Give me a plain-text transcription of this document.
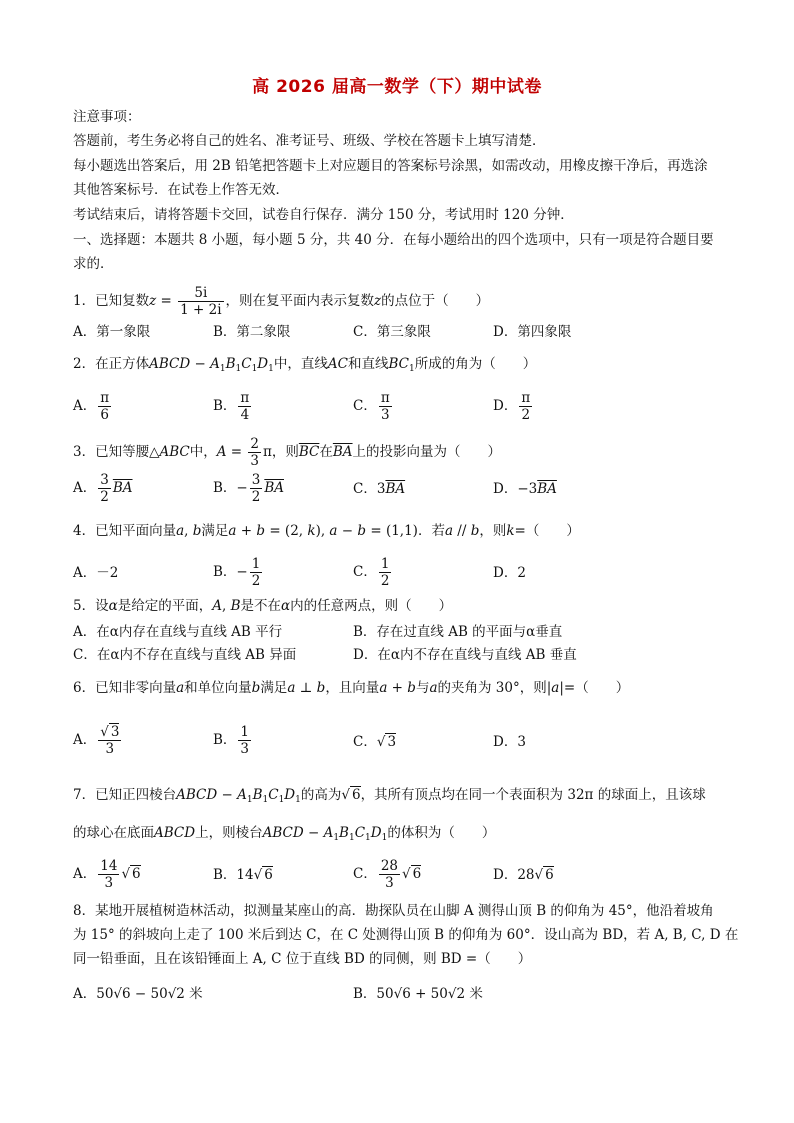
高 2026 届高一数学（下）期中试卷
注意事项：
答题前，考生务必将自己的姓名、准考证号、班级、学校在答题卡上填写清楚．
每小题选出答案后，用 2B 铅笔把答题卡上对应题目的答案标号涂黑，如需改动，用橡皮擦干净后，再选涂
其他答案标号．在试卷上作答无效．
考试结束后，请将答题卡交回，试卷自行保存．满分 150 分，考试用时 120 分钟．
一、选择题：本题共 8 小题，每小题 5 分，共 40 分．在每小题给出的四个选项中，只有一项是符合题目要
求的．
1．已知复数$z = \frac{5i}{1 + 2i}$ ，则在复平面内表示复数z的点位于（　　）
A．第一象限	B．第二象限	C．第三象限	D．第四象限
2．在正方体ABCD − $A_1B_1C_1D_1$中，直线AC和直线$BC_1$所成的角为（　　）
A． $\frac{\pi}{6}$	B． $\frac{\pi}{4}$	C． $\frac{\pi}{3}$	D． $\frac{\pi}{2}$
3．已知等腰△ABC中，$A = \frac{2}{3}$ π，则$\overline{BC}$在$\overline{BA}$上的投影向量为（　　）
A． $\frac{3}{2} \overline{BA}$	B．− $\frac{3}{2} \overline{BA}$	C．$3\overline{BA}$	D．$-3\overline{BA}$
4．已知平面向量a, b满足a + b = (2, k), a − b = (1,1)．若a // b，则k=（　　）
A．－2	B．− $\frac{1}{2}$	C． $\frac{1}{2}$	D．2
5．设α是给定的平面，A, B是不在α内的任意两点，则（　　）
A．在α内存在直线与直线 AB 平行	B．存在过直线 AB 的平面与α垂直
C．在α内不存在直线与直线 AB 异面	D．在α内不存在直线与直线 AB 垂直
6．已知非零向量a和单位向量b满足a ⊥ b，且向量a + b与a的夹角为 30°，则|a|=（　　）
A． $\frac{√ 3}{3}$	B． $\frac{1}{3}$	C．√ 3	D．3
7．已知正四棱台ABCD − $A_1B_1C_1D_1$的高为√ 6，其所有顶点均在同一个表面积为 32π 的球面上，且该球
的球心在底面ABCD上，则棱台ABCD − $A_1B_1C_1D_1$的体积为（　　）
A． $\frac{14}{3}$ √ 6	B．14√ 6	C． $\frac{28}{3}$ √ 6	D．28√ 6
8．某地开展植树造林活动，拟测量某座山的高．勘探队员在山脚 A 测得山顶 B 的仰角为 45°，他沿着坡角
为 15° 的斜坡向上走了 100 米后到达 C，在 C 处测得山顶 B 的仰角为 60°．设山高为 BD，若 A, B, C, D 在
同一铅垂面，且在该铅锤面上 A, C 位于直线 BD 的同侧，则 BD =（　　）
A．50√6 − 50√2 米	B．50√6 + 50√2 米
